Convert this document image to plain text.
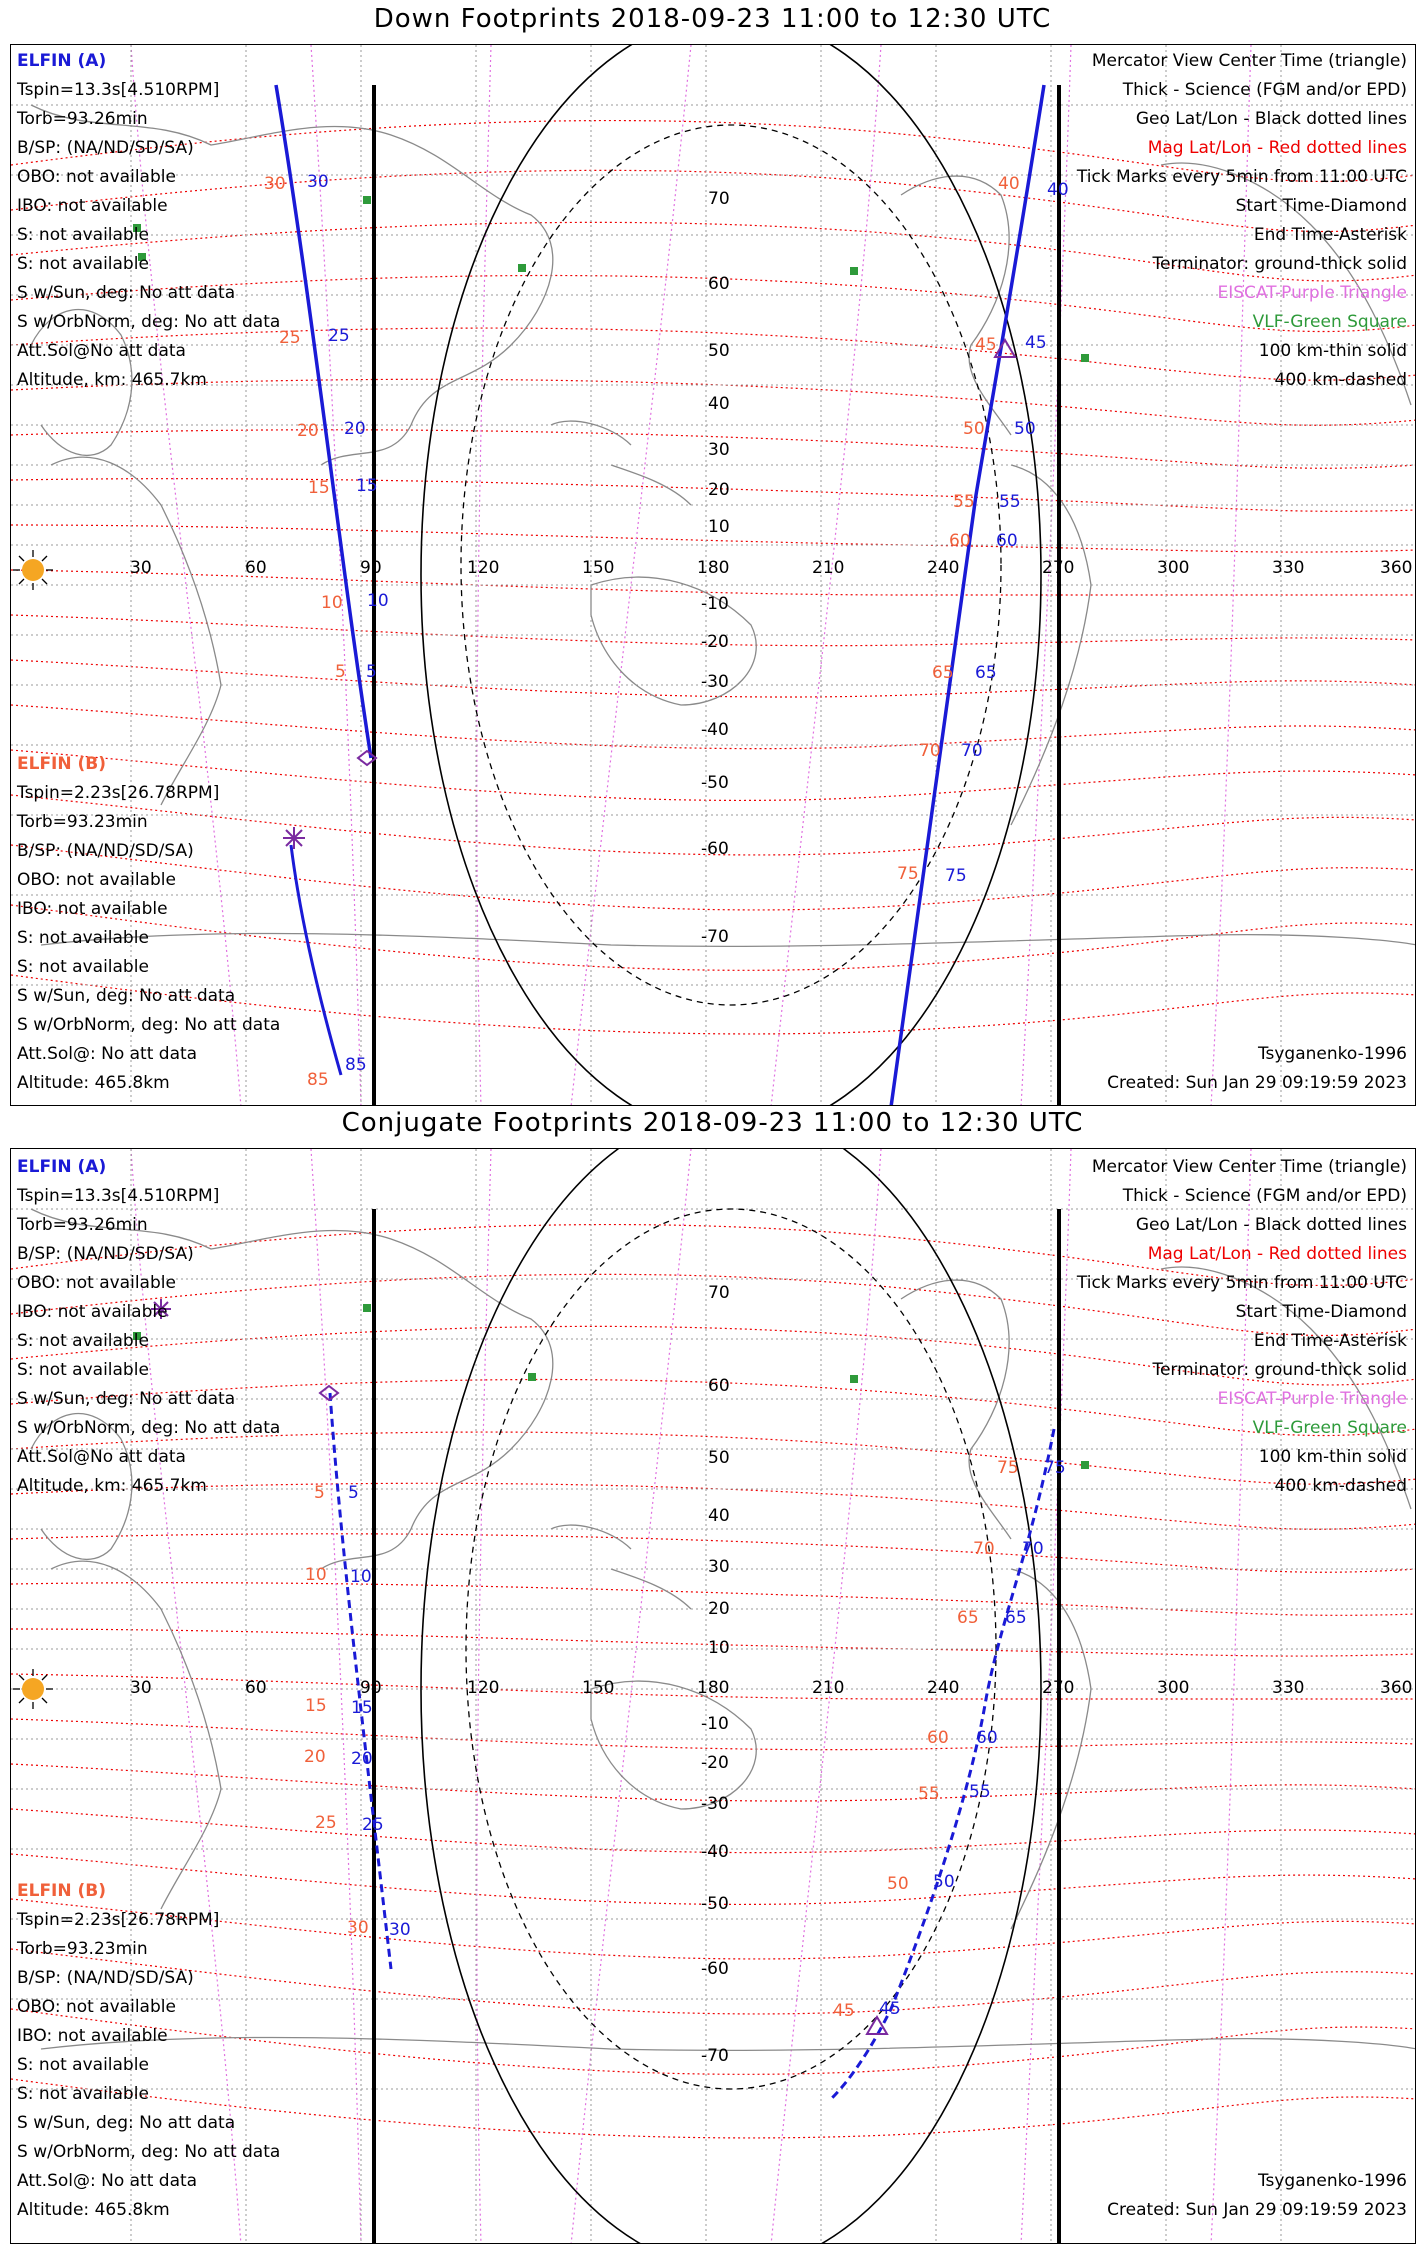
Down Footprints 2018-09-23 11:00 to 12:30 UTC
30	60	90	120	150	180	210	240	270	300	330	360
70
60
50
40
30
20
10
-10
-20
-30
-40
-50
-60
-70
ELFIN (A)
Tspin=13.3s[4.510RPM]
Torb=93.26min
B/SP: (NA/ND/SD/SA)
OBO: not available
IBO: not available
S: not available
S: not available
S w/Sun, deg: No att data
S w/OrbNorm, deg: No att data
Att.Sol@No att data
Altitude, km: 465.7km
ELFIN (B)
Tspin=2.23s[26.78RPM]
Torb=93.23min
B/SP: (NA/ND/SD/SA)
OBO: not available
IBO: not available
S: not available
S: not available
S w/Sun, deg: No att data
S w/OrbNorm, deg: No att data
Att.Sol@: No att data
Altitude: 465.8km
Mercator View Center Time (triangle)
Thick - Science (FGM and/or EPD)
Geo Lat/Lon - Black dotted lines
Mag Lat/Lon - Red dotted lines
Tick Marks every 5min from 11:00 UTC
Start Time-Diamond
End Time-Asterisk
Terminator: ground-thick solid
EISCAT-Purple Triangle
VLF-Green Square
100 km-thin solid
400 km-dashed
Tsyganenko-1996
Created: Sun Jan 29 09:19:59 2023
30 30
25 25
20 20
15 15
10 10
5 5
40 40
45 45
50 50
55 55
60 60
65 65
70 70
75 75
85
85
Conjugate Footprints 2018-09-23 11:00 to 12:30 UTC
30	60	90	120	150	180	210	240	270	300	330	360
70
60
50
40
30
20
10
-10
-20
-30
-40
-50
-60
-70
ELFIN (A)
Tspin=13.3s[4.510RPM]
Torb=93.26min
B/SP: (NA/ND/SD/SA)
OBO: not available
IBO: not available
S: not available
S: not available
S w/Sun, deg: No att data
S w/OrbNorm, deg: No att data
Att.Sol@No att data
Altitude, km: 465.7km
ELFIN (B)
Tspin=2.23s[26.78RPM]
Torb=93.23min
B/SP: (NA/ND/SD/SA)
OBO: not available
IBO: not available
S: not available
S: not available
S w/Sun, deg: No att data
S w/OrbNorm, deg: No att data
Att.Sol@: No att data
Altitude: 465.8km
Mercator View Center Time (triangle)
Thick - Science (FGM and/or EPD)
Geo Lat/Lon - Black dotted lines
Mag Lat/Lon - Red dotted lines
Tick Marks every 5min from 11:00 UTC
Start Time-Diamond
End Time-Asterisk
Terminator: ground-thick solid
EISCAT-Purple Triangle
VLF-Green Square
100 km-thin solid
400 km-dashed
Tsyganenko-1996
Created: Sun Jan 29 09:19:59 2023
5 5
10 10
15 15
20 20
25 25
30 30
75 75
70 70
65 65
60 60
55 55
50 50
45 45
